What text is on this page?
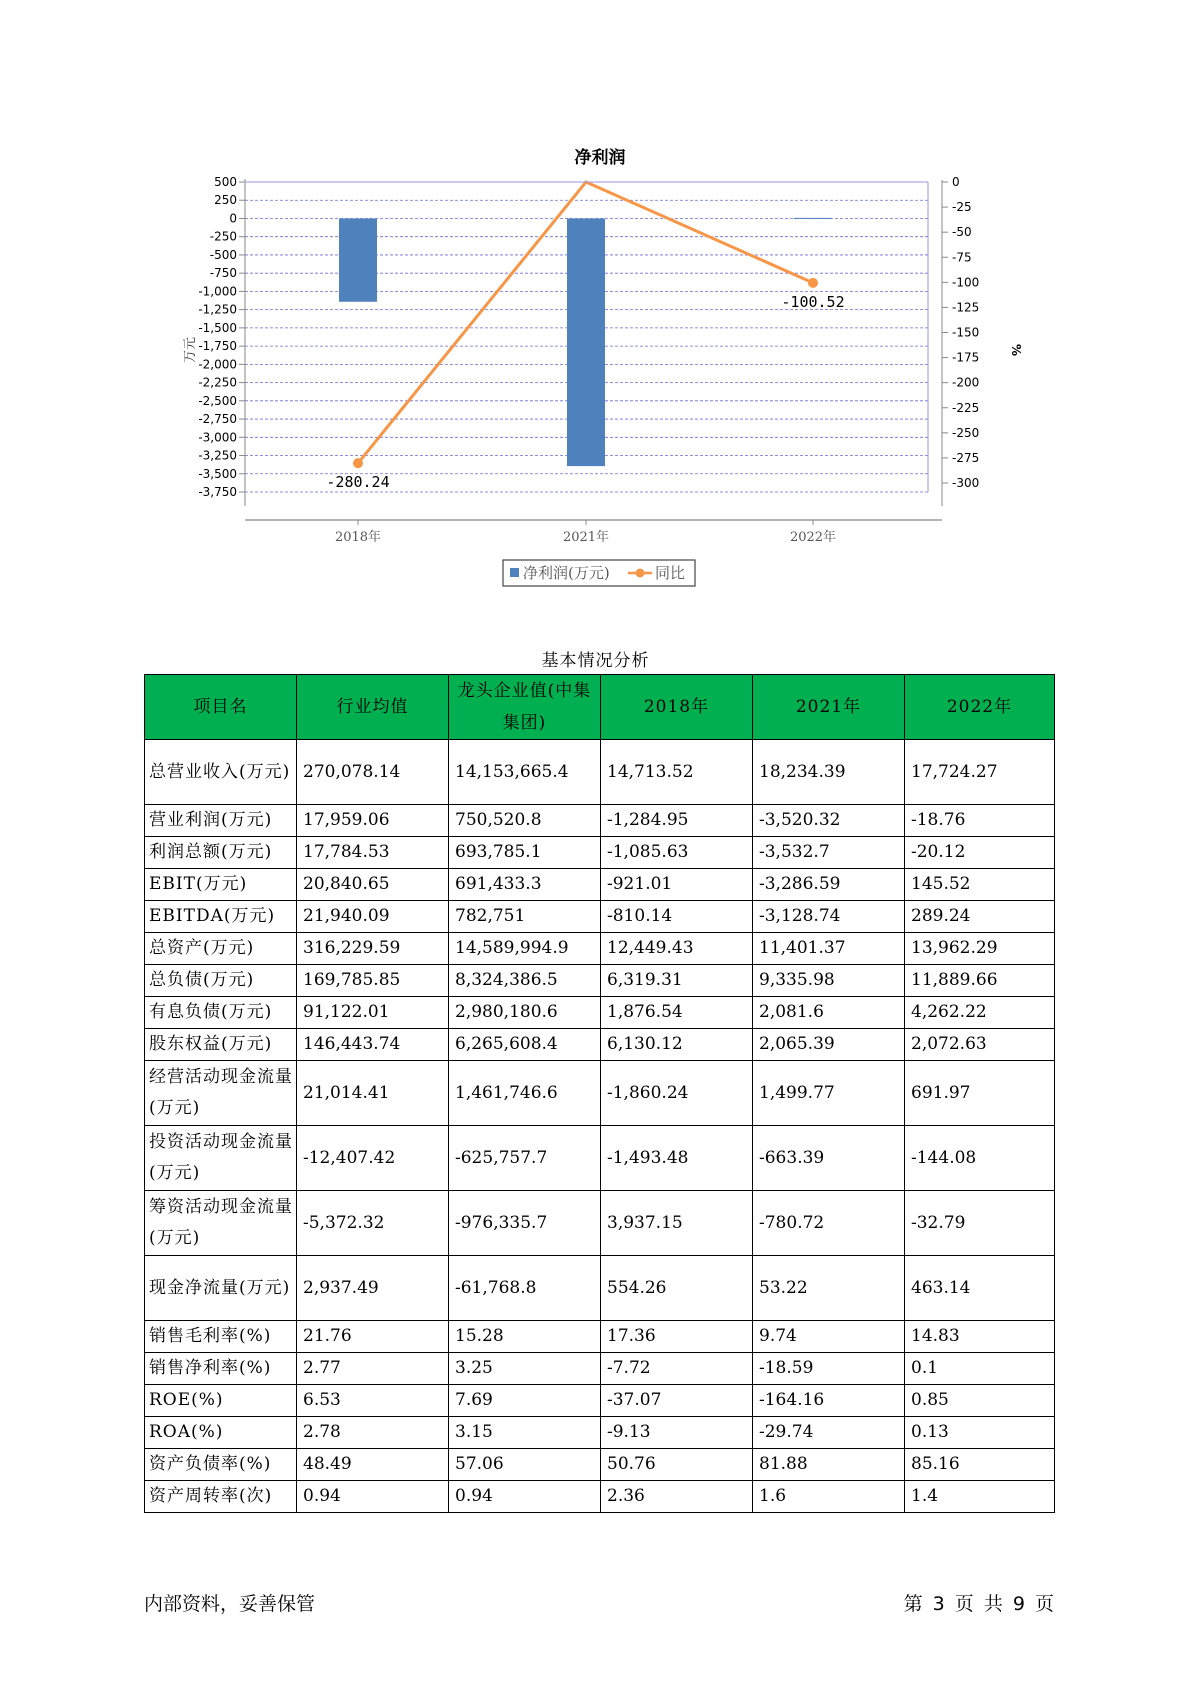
净利润
500
250
0
-250
-500
-750
-1,000
-1,250
-1,500
-1,750
-2,000
-2,250
-2,500
-2,750
-3,000
-3,250
-3,500
-3,750
0
-25
-50
-75
-100
-125
-150
-175
-200
-225
-250
-275
-300
2018年	2021年	2022年
-280.24
-100.52
万元	%
净利润(万元)	同比
基本情况分析
项目名	行业均值	龙头企业值(中集集团)	2018年	2021年	2022年
总营业收入(万元)	270,078.14	14,153,665.4	14,713.52	18,234.39	17,724.27
营业利润(万元)	17,959.06	750,520.8	-1,284.95	-3,520.32	-18.76
利润总额(万元)	17,784.53	693,785.1	-1,085.63	-3,532.7	-20.12
EBIT(万元)	20,840.65	691,433.3	-921.01	-3,286.59	145.52
EBITDA(万元)	21,940.09	782,751	-810.14	-3,128.74	289.24
总资产(万元)	316,229.59	14,589,994.9	12,449.43	11,401.37	13,962.29
总负债(万元)	169,785.85	8,324,386.5	6,319.31	9,335.98	11,889.66
有息负债(万元)	91,122.01	2,980,180.6	1,876.54	2,081.6	4,262.22
股东权益(万元)	146,443.74	6,265,608.4	6,130.12	2,065.39	2,072.63
经营活动现金流量(万元)	21,014.41	1,461,746.6	-1,860.24	1,499.77	691.97
投资活动现金流量(万元)	-12,407.42	-625,757.7	-1,493.48	-663.39	-144.08
筹资活动现金流量(万元)	-5,372.32	-976,335.7	3,937.15	-780.72	-32.79
现金净流量(万元)	2,937.49	-61,768.8	554.26	53.22	463.14
销售毛利率(%)	21.76	15.28	17.36	9.74	14.83
销售净利率(%)	2.77	3.25	-7.72	-18.59	0.1
ROE(%)	6.53	7.69	-37.07	-164.16	0.85
ROA(%)	2.78	3.15	-9.13	-29.74	0.13
资产负债率(%)	48.49	57.06	50.76	81.88	85.16
资产周转率(次)	0.94	0.94	2.36	1.6	1.4
内部资料，妥善保管	第 3 页 共 9 页
